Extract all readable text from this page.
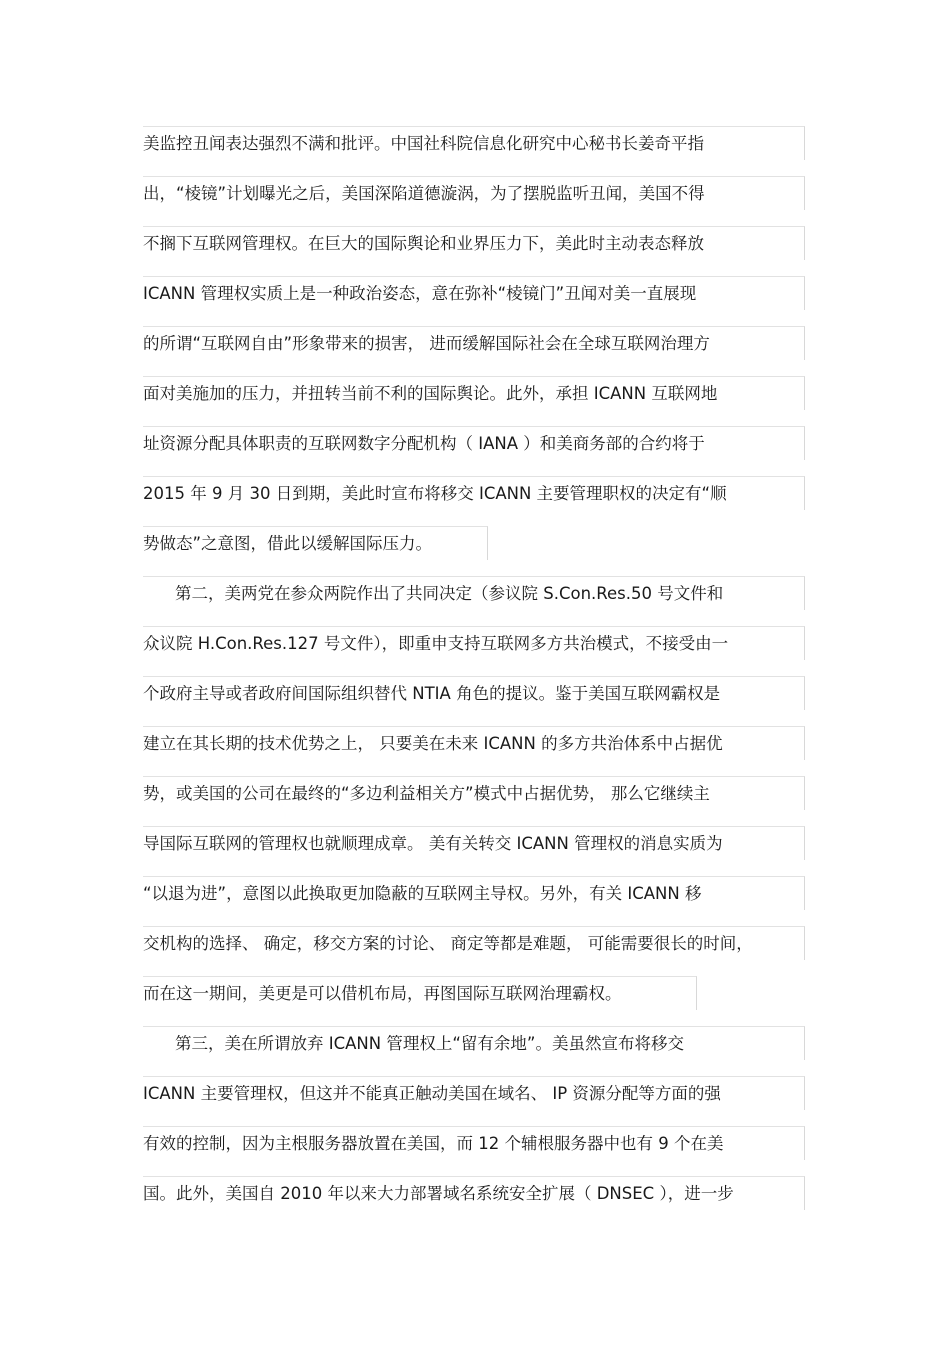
美监控丑闻表达强烈不满和批评。中国社科院信息化研究中心秘书长姜奇平指
出，“棱镜”计划曝光之后，美国深陷道德漩涡，为了摆脱监听丑闻，美国不得
不搁下互联网管理权。在巨大的国际舆论和业界压力下，美此时主动表态释放
ICANN 管理权实质上是一种政治姿态，意在弥补“棱镜门”丑闻对美一直展现
的所谓“互联网自由”形象带来的损害， 进而缓解国际社会在全球互联网治理方
面对美施加的压力，并扭转当前不利的国际舆论。此外，承担 ICANN 互联网地
址资源分配具体职责的互联网数字分配机构（ IANA ）和美商务部的合约将于
2015 年 9 月 30 日到期，美此时宣布将移交 ICANN 主要管理职权的决定有“顺
势做态”之意图，借此以缓解国际压力。
第二，美两党在参众两院作出了共同决定（参议院 S.Con.Res.50 号文件和
众议院 H.Con.Res.127 号文件），即重申支持互联网多方共治模式，不接受由一
个政府主导或者政府间国际组织替代 NTIA 角色的提议。鉴于美国互联网霸权是
建立在其长期的技术优势之上， 只要美在未来 ICANN 的多方共治体系中占据优
势，或美国的公司在最终的“多边利益相关方”模式中占据优势， 那么它继续主
导国际互联网的管理权也就顺理成章。 美有关转交 ICANN 管理权的消息实质为
“以退为进”，意图以此换取更加隐蔽的互联网主导权。另外，有关 ICANN 移
交机构的选择、 确定，移交方案的讨论、 商定等都是难题， 可能需要很长的时间，
而在这一期间，美更是可以借机布局，再图国际互联网治理霸权。
第三，美在所谓放弃 ICANN 管理权上“留有余地”。美虽然宣布将移交
ICANN 主要管理权，但这并不能真正触动美国在域名、 IP 资源分配等方面的强
有效的控制，因为主根服务器放置在美国，而 12 个辅根服务器中也有 9 个在美
国。此外，美国自 2010 年以来大力部署域名系统安全扩展（ DNSEC ），进一步
